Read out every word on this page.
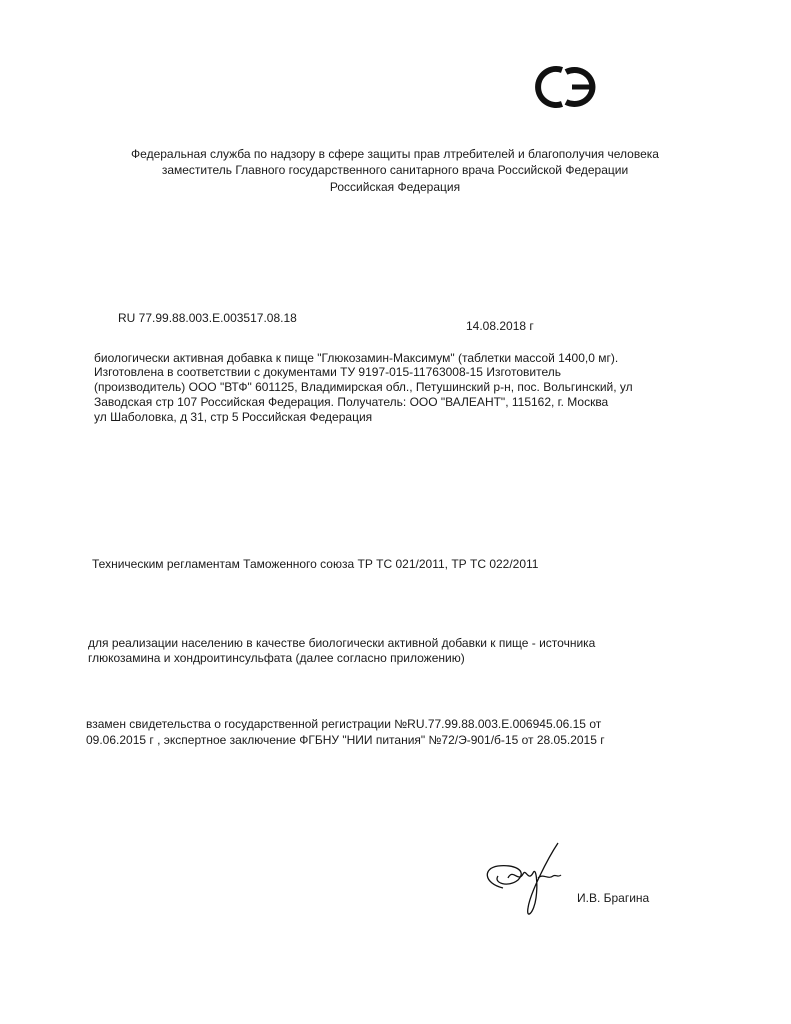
Федеральная служба по надзору в сфере защиты прав лтребителей и благополучия человека
заместитель Главного государственного санитарного врача Российской Федерации
Российская Федерация
RU 77.99.88.003.Е.003517.08.18
14.08.2018 г
биологически активная добавка к пище "Глюкозамин-Максимум" (таблетки массой 1400,0 мг).
Изготовлена в соответствии с документами ТУ 9197-015-11763008-15 Изготовитель
(производитель) ООО "ВТФ" 601125, Владимирская обл., Петушинский р-н, пос. Вольгинский, ул
Заводская стр 107 Российская Федерация. Получатель: ООО "ВАЛЕАНТ", 115162, г. Москва
ул Шаболовка, д 31, стр 5 Российская Федерация
Техническим регламентам Таможенного союза ТР ТС 021/2011, ТР ТС 022/2011
для реализации населению в качестве биологически активной добавки к пище - источника
глюкозамина и хондроитинсульфата (далее согласно приложению)
взамен свидетельства о государственной регистрации №RU.77.99.88.003.Е.006945.06.15 от
09.06.2015 г , экспертное заключение ФГБНУ "НИИ питания" №72/Э-901/б-15 от 28.05.2015 г
И.В. Брагина
